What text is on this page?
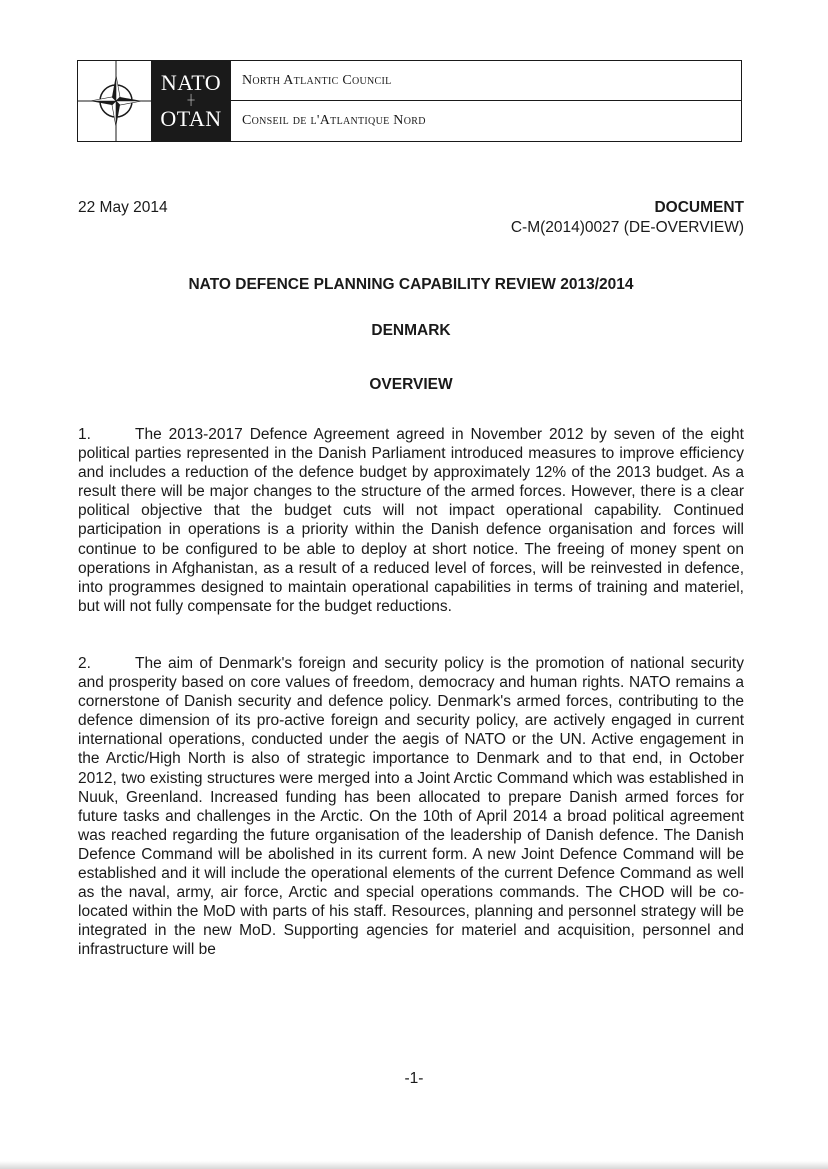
NATO
┼
OTAN
North Atlantic Council
Conseil de l'Atlantique Nord
22 May 2014	DOCUMENT
C-M(2014)0027 (DE-OVERVIEW)
NATO DEFENCE PLANNING CAPABILITY REVIEW 2013/2014
DENMARK
OVERVIEW

1.	The 2013-2017 Defence Agreement agreed in November 2012 by seven of the eight political parties represented in the Danish Parliament introduced measures to improve efficiency and includes a reduction of the defence budget by approximately 12% of the 2013 budget. As a result there will be major changes to the structure of the armed forces. However, there is a clear political objective that the budget cuts will not impact operational capability. Continued participation in operations is a priority within the Danish defence organisation and forces will continue to be configured to be able to deploy at short notice. The freeing of money spent on operations in Afghanistan, as a result of a reduced level of forces, will be reinvested in defence, into programmes designed to maintain operational capabilities in terms of training and materiel, but will not fully compensate for the budget reductions.

2.	The aim of Denmark's foreign and security policy is the promotion of national security and prosperity based on core values of freedom, democracy and human rights. NATO remains a cornerstone of Danish security and defence policy. Denmark's armed forces, contributing to the defence dimension of its pro-active foreign and security policy, are actively engaged in current international operations, conducted under the aegis of NATO or the UN. Active engagement in the Arctic/High North is also of strategic importance to Denmark and to that end, in October 2012, two existing structures were merged into a Joint Arctic Command which was established in Nuuk, Greenland. Increased funding has been allocated to prepare Danish armed forces for future tasks and challenges in the Arctic. On the 10th of April 2014 a broad political agreement was reached regarding the future organisation of the leadership of Danish defence. The Danish Defence Command will be abolished in its current form. A new Joint Defence Command will be established and it will include the operational elements of the current Defence Command as well as the naval, army, air force, Arctic and special operations commands. The CHOD will be co-located within the MoD with parts of his staff. Resources, planning and personnel strategy will be integrated in the new MoD. Supporting agencies for materiel and acquisition, personnel and infrastructure will be

-1-
